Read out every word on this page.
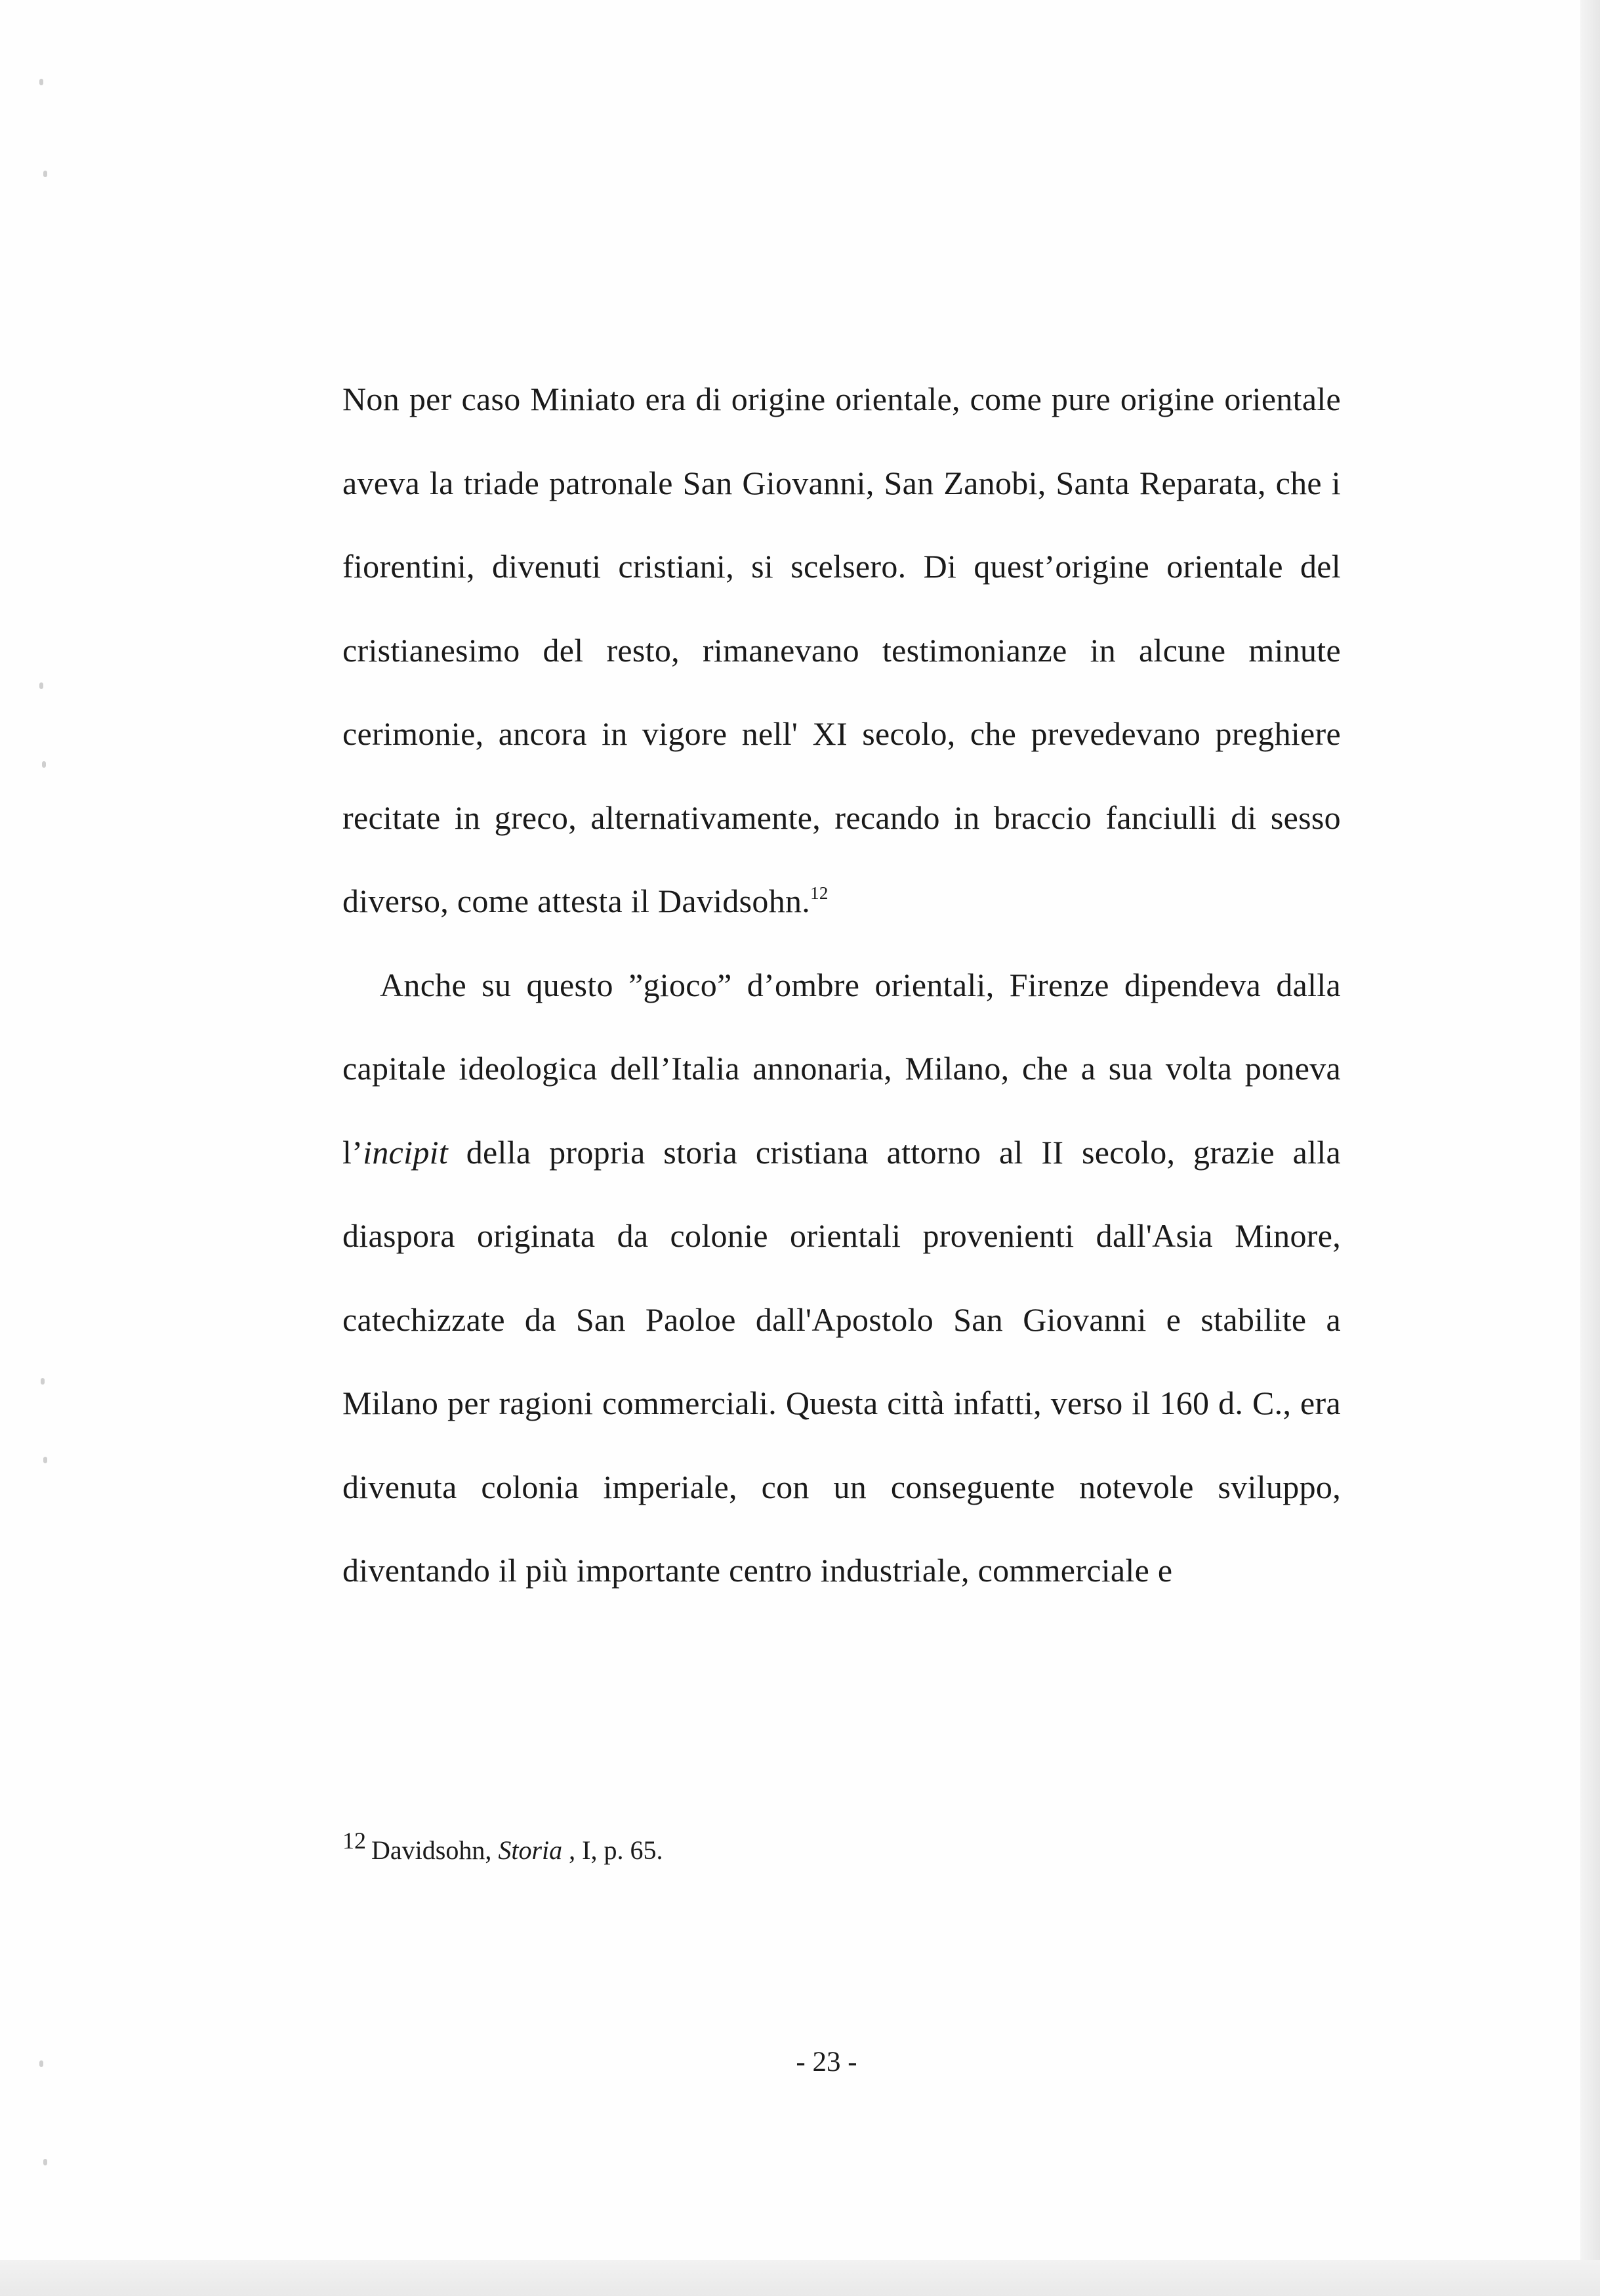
Non per caso Miniato era di origine orientale, come pure origine orientale aveva la triade patronale San Giovanni, San Zanobi, Santa Reparata, che i fiorentini, divenuti cristiani, si scelsero. Di quest’origine orientale del cristianesimo del resto, rimanevano testimonianze in alcune minute cerimonie, ancora in vigore nell' XI secolo, che prevedevano preghiere recitate in greco, alternativamente, recando in braccio fanciulli di sesso diverso, come attesta il Davidsohn.$^{12}$

Anche su questo ”gioco” d’ombre orientali, Firenze dipendeva dalla capitale ideologica dell’Italia annonaria, Milano, che a sua volta poneva l’incipit della propria storia cristiana attorno al II secolo, grazie alla diaspora originata da colonie orientali provenienti dall'Asia Minore, catechizzate da San Paoloe dall'Apostolo San Giovanni e stabilite a Milano per ragioni commerciali. Questa città infatti, verso il 160 d. C., era divenuta colonia imperiale, con un conseguente notevole sviluppo, diventando il più importante centro industriale, commerciale e

12 Davidsohn, Storia , I, p. 65.
- 23 -
